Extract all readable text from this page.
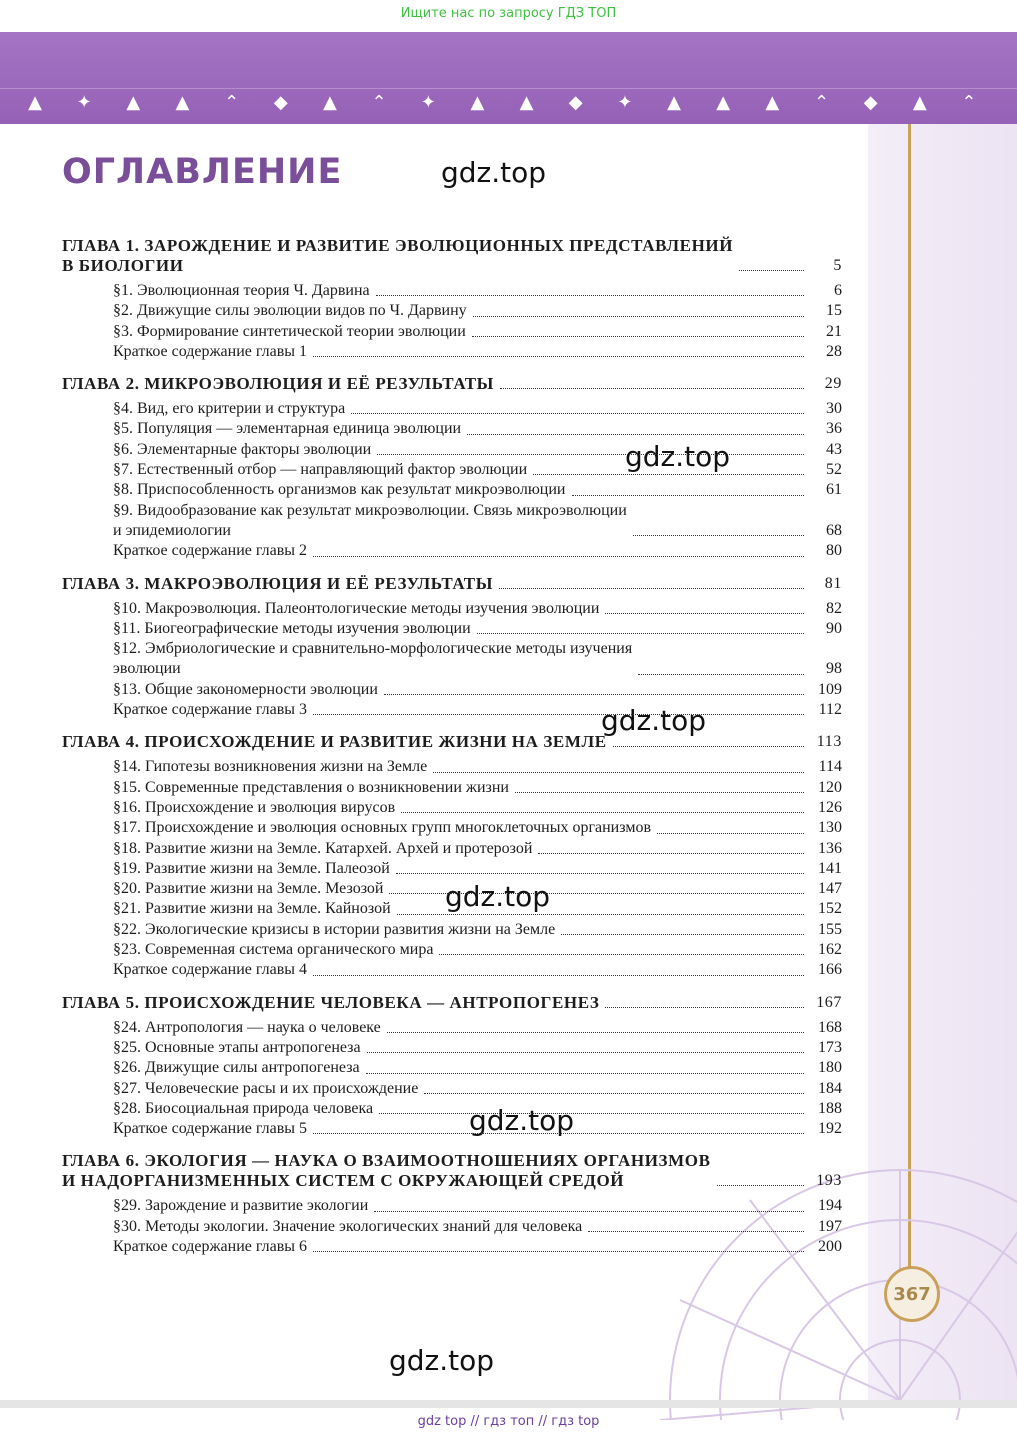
Ищите нас по запросу ГДЗ ТОП
▲	✦	▲	▲	⌃	◆	▲	⌃	✦	▲	▲	◆	✦	▲	▲	▲	⌃	◆	▲	⌃
ОГЛАВЛЕНИЕ	gdz.top
gdz.top
gdz.top
gdz.top
gdz.top
gdz.top
ГЛАВА 1. ЗАРОЖДЕНИЕ И РАЗВИТИЕ ЭВОЛЮЦИОННЫХ ПРЕДСТАВЛЕНИЙ
В БИОЛОГИИ	5
§1. Эволюционная теория Ч. Дарвина	6
§2. Движущие силы эволюции видов по Ч. Дарвину	15
§3. Формирование синтетической теории эволюции	21
Краткое содержание главы 1	28
ГЛАВА 2. МИКРОЭВОЛЮЦИЯ И ЕЁ РЕЗУЛЬТАТЫ	29
§4. Вид, его критерии и структура	30
§5. Популяция — элементарная единица эволюции	36
§6. Элементарные факторы эволюции	43
§7. Естественный отбор — направляющий фактор эволюции	52
§8. Приспособленность организмов как результат микроэволюции	61
§9. Видообразование как результат микроэволюции. Связь микроэволюции
и эпидемиологии	68
Краткое содержание главы 2	80
ГЛАВА 3. МАКРОЭВОЛЮЦИЯ И ЕЁ РЕЗУЛЬТАТЫ	81
§10. Макроэволюция. Палеонтологические методы изучения эволюции	82
§11. Биогеографические методы изучения эволюции	90
§12. Эмбриологические и сравнительно-морфологические методы изучения
эволюции	98
§13. Общие закономерности эволюции	109
Краткое содержание главы 3	112
ГЛАВА 4. ПРОИСХОЖДЕНИЕ И РАЗВИТИЕ ЖИЗНИ НА ЗЕМЛЕ	113
§14. Гипотезы возникновения жизни на Земле	114
§15. Современные представления о возникновении жизни	120
§16. Происхождение и эволюция вирусов	126
§17. Происхождение и эволюция основных групп многоклеточных организмов	130
§18. Развитие жизни на Земле. Катархей. Архей и протерозой	136
§19. Развитие жизни на Земле. Палеозой	141
§20. Развитие жизни на Земле. Мезозой	147
§21. Развитие жизни на Земле. Кайнозой	152
§22. Экологические кризисы в истории развития жизни на Земле	155
§23. Современная система органического мира	162
Краткое содержание главы 4	166
ГЛАВА 5. ПРОИСХОЖДЕНИЕ ЧЕЛОВЕКА — АНТРОПОГЕНЕЗ	167
§24. Антропология — наука о человеке	168
§25. Основные этапы антропогенеза	173
§26. Движущие силы антропогенеза	180
§27. Человеческие расы и их происхождение	184
§28. Биосоциальная природа человека	188
Краткое содержание главы 5	192
ГЛАВА 6. ЭКОЛОГИЯ — НАУКА О ВЗАИМООТНОШЕНИЯХ ОРГАНИЗМОВ
И НАДОРГАНИЗМЕННЫХ СИСТЕМ С ОКРУЖАЮЩЕЙ СРЕДОЙ	193
§29. Зарождение и развитие экологии	194
§30. Методы экологии. Значение экологических знаний для человека	197
Краткое содержание главы 6	200
367
gdz top // гдз топ // гдз top
